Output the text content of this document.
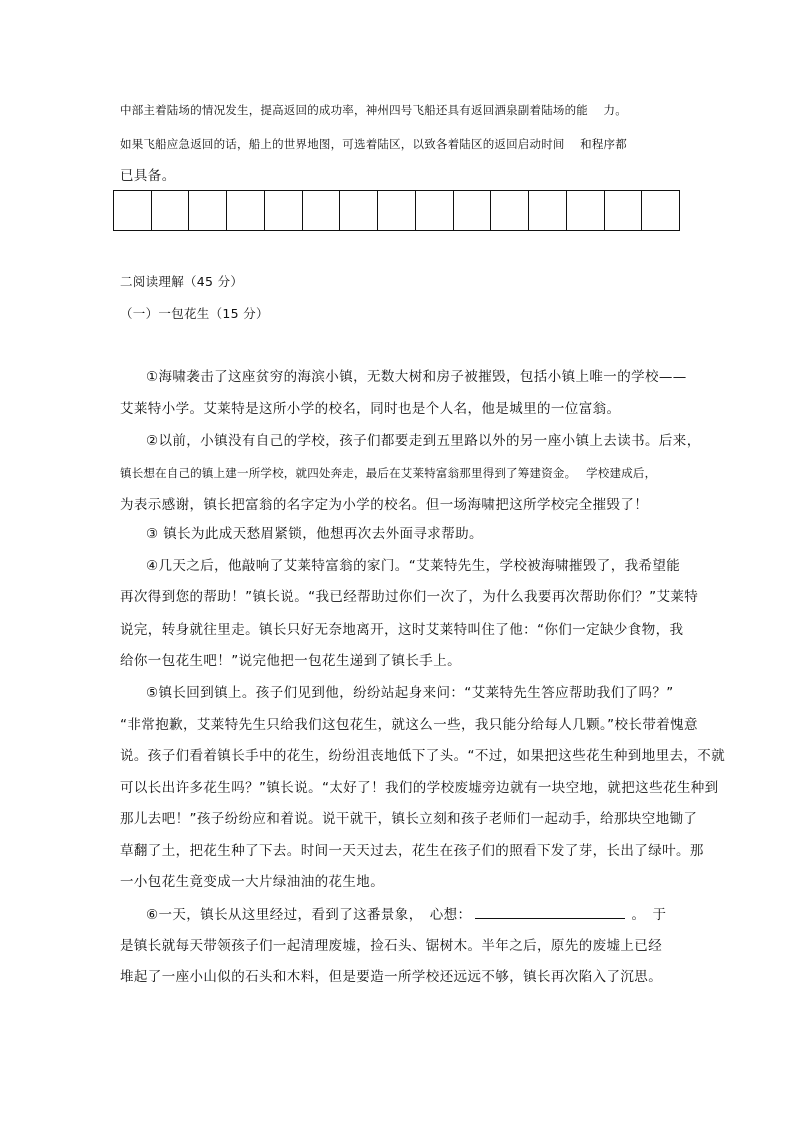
中部主着陆场的情况发生，提高返回的成功率，神州四号飞船还具有返回酒泉副着陆场的能　 力。
如果飞船应急返回的话，船上的世界地图，可选着陆区，以致各着陆区的返回启动时间　 和程序都
已具备。
二阅读理解（45 分）
（一）一包花生（15 分）
①海啸袭击了这座贫穷的海滨小镇，无数大树和房子被摧毁，包括小镇上唯一的学校——
艾莱特小学。艾莱特是这所小学的校名，同时也是个人名，他是城里的一位富翁。
②以前，小镇没有自己的学校，孩子们都要走到五里路以外的另一座小镇上去读书。后来，
镇长想在自己的镇上建一所学校，就四处奔走，最后在艾莱特富翁那里得到了筹建资金。　 学校建成后，
为表示感谢，镇长把富翁的名字定为小学的校名。但一场海啸把这所学校完全摧毁了！
③ 镇长为此成天愁眉紧锁，他想再次去外面寻求帮助。
④几天之后，他敲响了艾莱特富翁的家门。“艾莱特先生，学校被海啸摧毁了，我希望能
再次得到您的帮助！”镇长说。“我已经帮助过你们一次了，为什么我要再次帮助你们？”艾莱特
说完，转身就往里走。镇长只好无奈地离开，这时艾莱特叫住了他：“你们一定缺少食物，我
给你一包花生吧！”说完他把一包花生递到了镇长手上。
⑤镇长回到镇上。孩子们见到他，纷纷站起身来问：“艾莱特先生答应帮助我们了吗？”
“非常抱歉，艾莱特先生只给我们这包花生，就这么一些，我只能分给每人几颗。”校长带着愧意
说。孩子们看着镇长手中的花生，纷纷沮丧地低下了头。“不过，如果把这些花生种到地里去，不就
可以长出许多花生吗？”镇长说。“太好了！我们的学校废墟旁边就有一块空地，就把这些花生种到
那儿去吧！”孩子纷纷应和着说。说干就干，镇长立刻和孩子老师们一起动手，给那块空地锄了
草翻了土，把花生种了下去。时间一天天过去，花生在孩子们的照看下发了芽，长出了绿叶。那
一小包花生竟变成一大片绿油油的花生地。
⑥一天，镇长从这里经过，看到了这番景象，　心想：	。　于
是镇长就每天带领孩子们一起清理废墟，捡石头、锯树木。半年之后，原先的废墟上已经
堆起了一座小山似的石头和木料，但是要造一所学校还远远不够，镇长再次陷入了沉思。
